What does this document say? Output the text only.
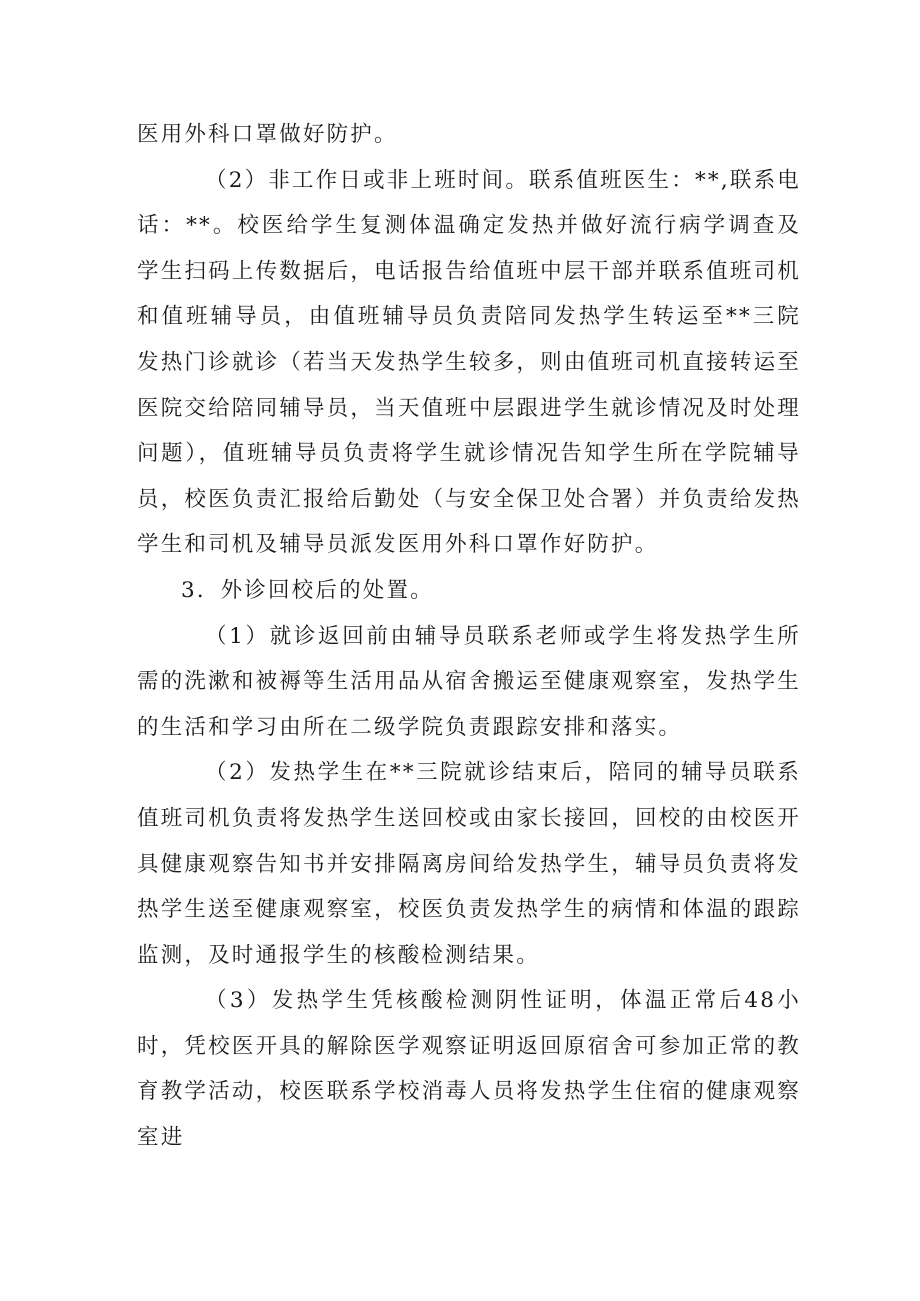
医用外科口罩做好防护。

（2）非工作日或非上班时间。联系值班医生：**,联系电话：**。校医给学生复测体温确定发热并做好流行病学调查及学生扫码上传数据后，电话报告给值班中层干部并联系值班司机和值班辅导员，由值班辅导员负责陪同发热学生转运至**三院发热门诊就诊（若当天发热学生较多，则由值班司机直接转运至医院交给陪同辅导员，当天值班中层跟进学生就诊情况及时处理问题），值班辅导员负责将学生就诊情况告知学生所在学院辅导员，校医负责汇报给后勤处（与安全保卫处合署）并负责给发热学生和司机及辅导员派发医用外科口罩作好防护。

3．外诊回校后的处置。

（1）就诊返回前由辅导员联系老师或学生将发热学生所需的洗漱和被褥等生活用品从宿舍搬运至健康观察室，发热学生的生活和学习由所在二级学院负责跟踪安排和落实。

（2）发热学生在**三院就诊结束后，陪同的辅导员联系值班司机负责将发热学生送回校或由家长接回，回校的由校医开具健康观察告知书并安排隔离房间给发热学生，辅导员负责将发热学生送至健康观察室，校医负责发热学生的病情和体温的跟踪监测，及时通报学生的核酸检测结果。

（3）发热学生凭核酸检测阴性证明，体温正常后48小时，凭校医开具的解除医学观察证明返回原宿舍可参加正常的教育教学活动，校医联系学校消毒人员将发热学生住宿的健康观察室进
